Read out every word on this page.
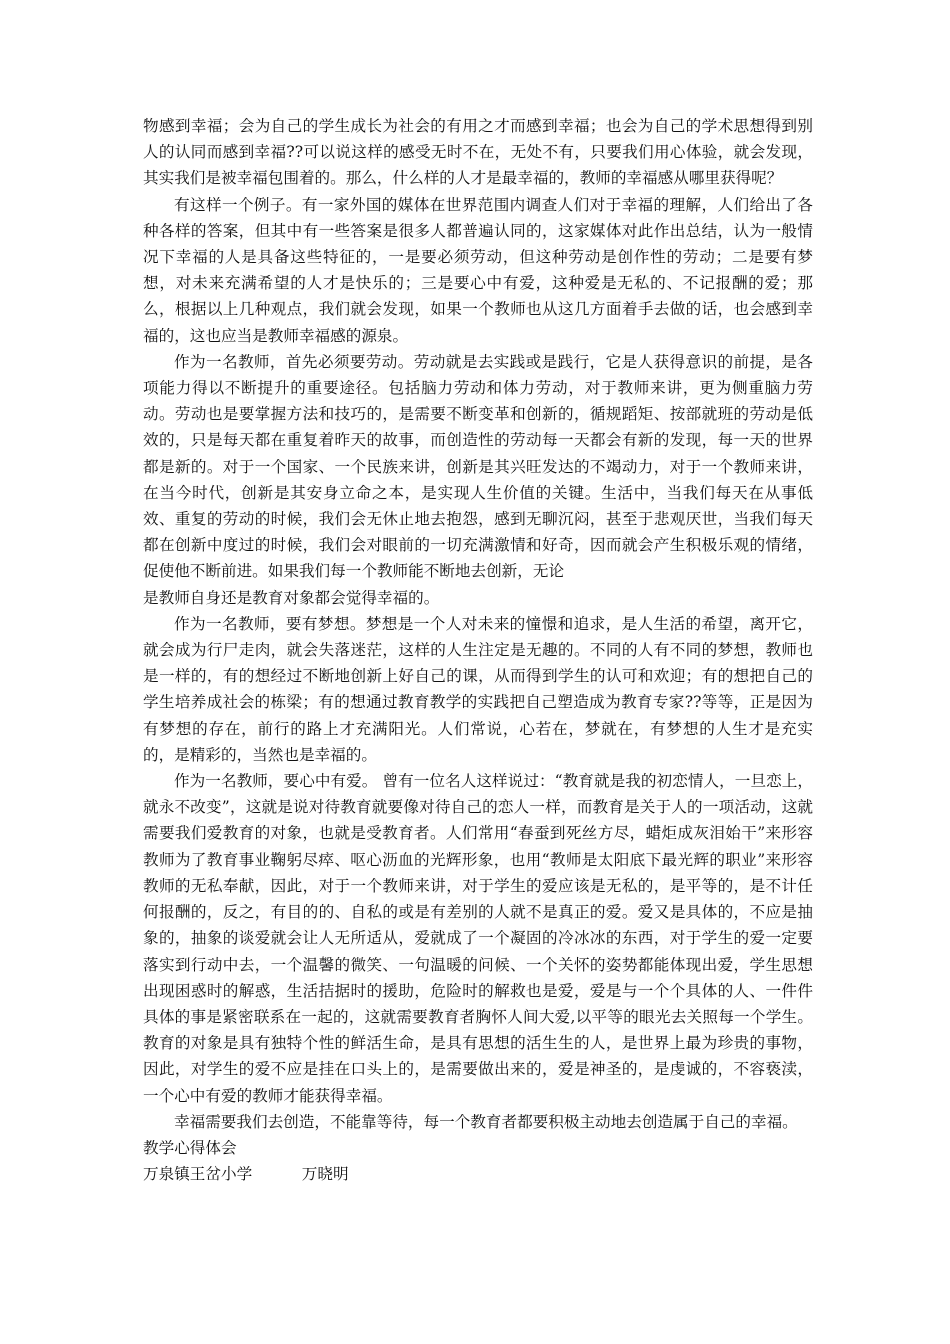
物感到幸福；会为自己的学生成长为社会的有用之才而感到幸福；也会为自己的学术思想得到别人的认同而感到幸福??可以说这样的感受无时不在，无处不有，只要我们用心体验，就会发现，其实我们是被幸福包围着的。那么，什么样的人才是最幸福的，教师的幸福感从哪里获得呢？

有这样一个例子。有一家外国的媒体在世界范围内调查人们对于幸福的理解，人们给出了各种各样的答案，但其中有一些答案是很多人都普遍认同的，这家媒体对此作出总结，认为一般情况下幸福的人是具备这些特征的，一是要必须劳动，但这种劳动是创作性的劳动；二是要有梦想，对未来充满希望的人才是快乐的；三是要心中有爱，这种爱是无私的、不记报酬的爱；那么，根据以上几种观点，我们就会发现，如果一个教师也从这几方面着手去做的话，也会感到幸福的，这也应当是教师幸福感的源泉。

作为一名教师，首先必须要劳动。劳动就是去实践或是践行，它是人获得意识的前提，是各项能力得以不断提升的重要途径。包括脑力劳动和体力劳动，对于教师来讲，更为侧重脑力劳动。劳动也是要掌握方法和技巧的，是需要不断变革和创新的，循规蹈矩、按部就班的劳动是低效的，只是每天都在重复着昨天的故事，而创造性的劳动每一天都会有新的发现，每一天的世界都是新的。对于一个国家、一个民族来讲，创新是其兴旺发达的不竭动力，对于一个教师来讲，在当今时代，创新是其安身立命之本，是实现人生价值的关键。生活中，当我们每天在从事低效、重复的劳动的时候，我们会无休止地去抱怨，感到无聊沉闷，甚至于悲观厌世，当我们每天都在创新中度过的时候，我们会对眼前的一切充满激情和好奇，因而就会产生积极乐观的情绪，促使他不断前进。如果我们每一个教师能不断地去创新，无论

是教师自身还是教育对象都会觉得幸福的。

作为一名教师，要有梦想。梦想是一个人对未来的憧憬和追求，是人生活的希望，离开它，就会成为行尸走肉，就会失落迷茫，这样的人生注定是无趣的。不同的人有不同的梦想，教师也是一样的，有的想经过不断地创新上好自己的课，从而得到学生的认可和欢迎；有的想把自己的学生培养成社会的栋梁；有的想通过教育教学的实践把自己塑造成为教育专家??等等，正是因为有梦想的存在，前行的路上才充满阳光。人们常说，心若在，梦就在，有梦想的人生才是充实的，是精彩的，当然也是幸福的。

作为一名教师，要心中有爱。 曾有一位名人这样说过：“教育就是我的初恋情人，一旦恋上，就永不改变”，这就是说对待教育就要像对待自己的恋人一样，而教育是关于人的一项活动，这就需要我们爱教育的对象，也就是受教育者。人们常用“春蚕到死丝方尽，蜡炬成灰泪始干”来形容教师为了教育事业鞠躬尽瘁、呕心沥血的光辉形象，也用“教师是太阳底下最光辉的职业”来形容教师的无私奉献，因此，对于一个教师来讲，对于学生的爱应该是无私的，是平等的，是不计任何报酬的，反之，有目的的、自私的或是有差别的人就不是真正的爱。爱又是具体的，不应是抽象的，抽象的谈爱就会让人无所适从，爱就成了一个凝固的冷冰冰的东西，对于学生的爱一定要落实到行动中去，一个温馨的微笑、一句温暖的问候、一个关怀的姿势都能体现出爱，学生思想出现困惑时的解惑，生活拮据时的援助，危险时的解救也是爱，爱是与一个个具体的人、一件件具体的事是紧密联系在一起的，这就需要教育者胸怀人间大爱,以平等的眼光去关照每一个学生。教育的对象是具有独特个性的鲜活生命，是具有思想的活生生的人，是世界上最为珍贵的事物，因此，对学生的爱不应是挂在口头上的，是需要做出来的，爱是神圣的，是虔诚的，不容亵渎，一个心中有爱的教师才能获得幸福。

幸福需要我们去创造，不能靠等待，每一个教育者都要积极主动地去创造属于自己的幸福。

教学心得体会

万泉镇王岔小学	万晓明
